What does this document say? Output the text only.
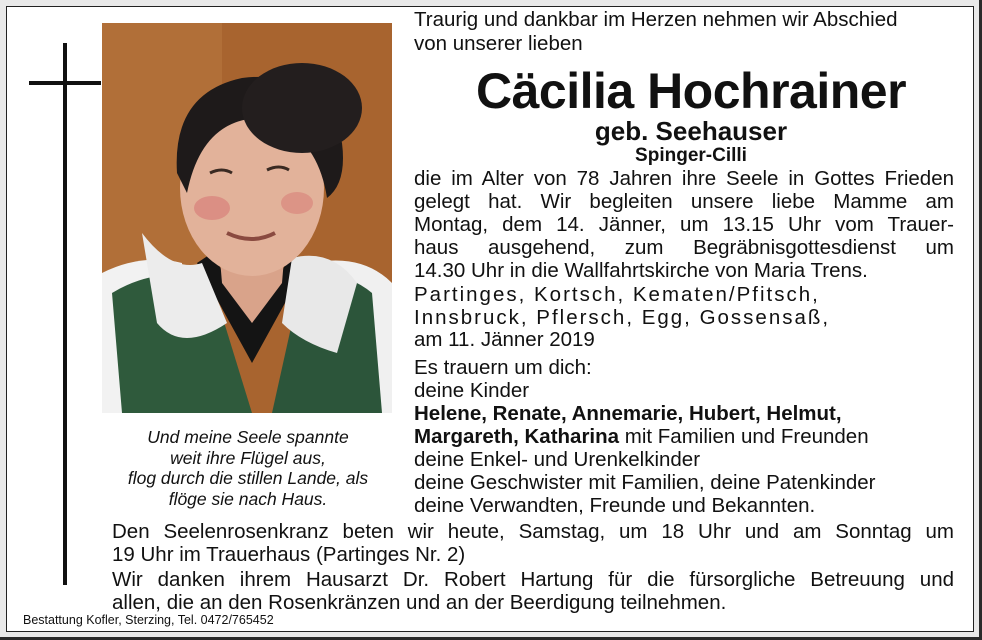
Und meine Seele spannte
weit ihre Flügel aus,
flog durch die stillen Lande, als
flöge sie nach Haus.
Traurig und dankbar im Herzen nehmen wir Abschied
von unserer lieben
Cäcilia Hochrainer
geb. Seehauser
Spinger-Cilli
die im Alter von 78 Jahren ihre Seele in Gottes Frieden
gelegt hat. Wir begleiten unsere liebe Mamme am
Montag, dem 14. Jänner, um 13.15 Uhr vom Trauer-
haus ausgehend, zum Begräbnisgottesdienst um
14.30 Uhr in die Wallfahrtskirche von Maria Trens.
Partinges, Kortsch, Kematen/Pfitsch,
Innsbruck, Pflersch, Egg, Gossensaß,
am 11. Jänner 2019
Es trauern um dich:
deine Kinder
Helene, Renate, Annemarie, Hubert, Helmut,
Margareth, Katharina mit Familien und Freunden
deine Enkel- und Urenkelkinder
deine Geschwister mit Familien, deine Patenkinder
deine Verwandten, Freunde und Bekannten.
Den Seelenrosenkranz beten wir heute, Samstag, um 18 Uhr und am Sonntag um
19 Uhr im Trauerhaus (Partinges Nr. 2)
Wir danken ihrem Hausarzt Dr. Robert Hartung für die fürsorgliche Betreuung und
allen, die an den Rosenkränzen und an der Beerdigung teilnehmen.
Bestattung Kofler, Sterzing, Tel. 0472/765452
